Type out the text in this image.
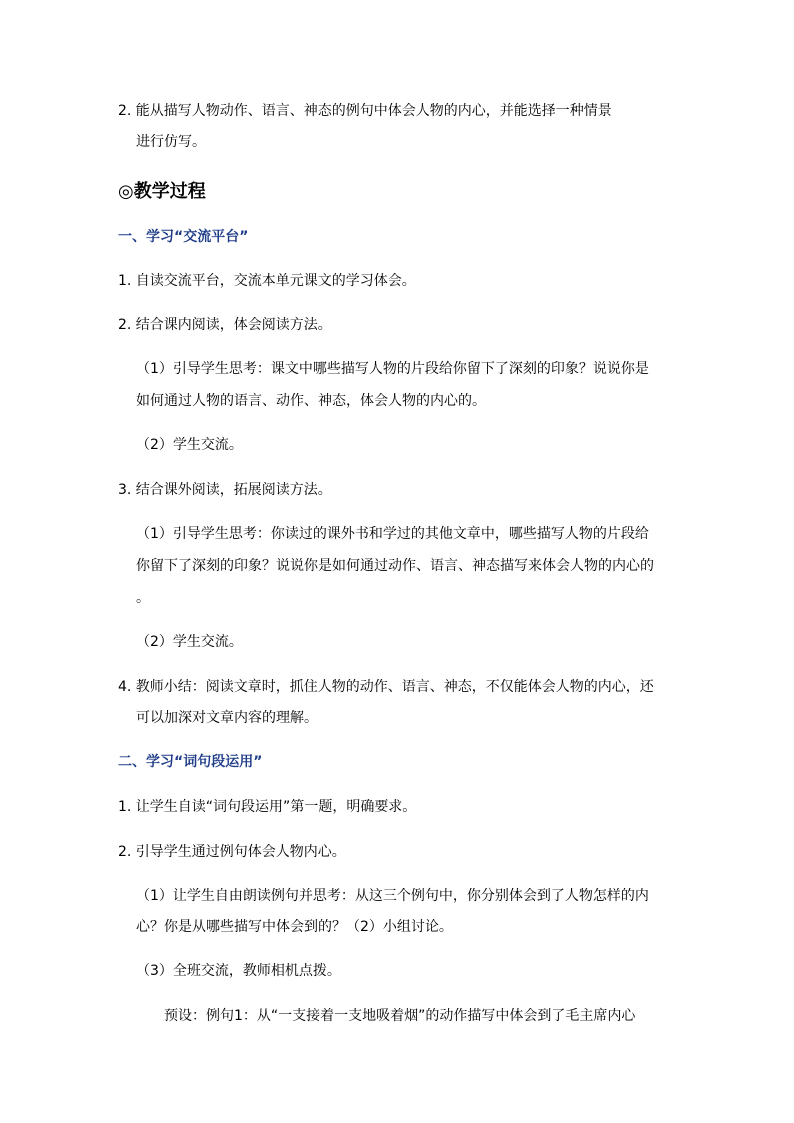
2. 能从描写人物动作、语言、神态的例句中体会人物的内心，并能选择一种情景
进行仿写。
◎教学过程
一、学习“交流平台”
1. 自读交流平台，交流本单元课文的学习体会。
2. 结合课内阅读，体会阅读方法。
（1）引导学生思考：课文中哪些描写人物的片段给你留下了深刻的印象？说说你是
如何通过人物的语言、动作、神态，体会人物的内心的。
（2）学生交流。
3. 结合课外阅读，拓展阅读方法。
（1）引导学生思考：你读过的课外书和学过的其他文章中，哪些描写人物的片段给
你留下了深刻的印象？说说你是如何通过动作、语言、神态描写来体会人物的内心的
。
（2）学生交流。
4. 教师小结：阅读文章时，抓住人物的动作、语言、神态，不仅能体会人物的内心，还
可以加深对文章内容的理解。
二、学习“词句段运用”
1. 让学生自读“词句段运用”第一题，明确要求。
2. 引导学生通过例句体会人物内心。
（1）让学生自由朗读例句并思考：从这三个例句中，你分别体会到了人物怎样的内
心？你是从哪些描写中体会到的？（2）小组讨论。
（3）全班交流，教师相机点拨。
预设：例句1：从“一支接着一支地吸着烟”的动作描写中体会到了毛主席内心
